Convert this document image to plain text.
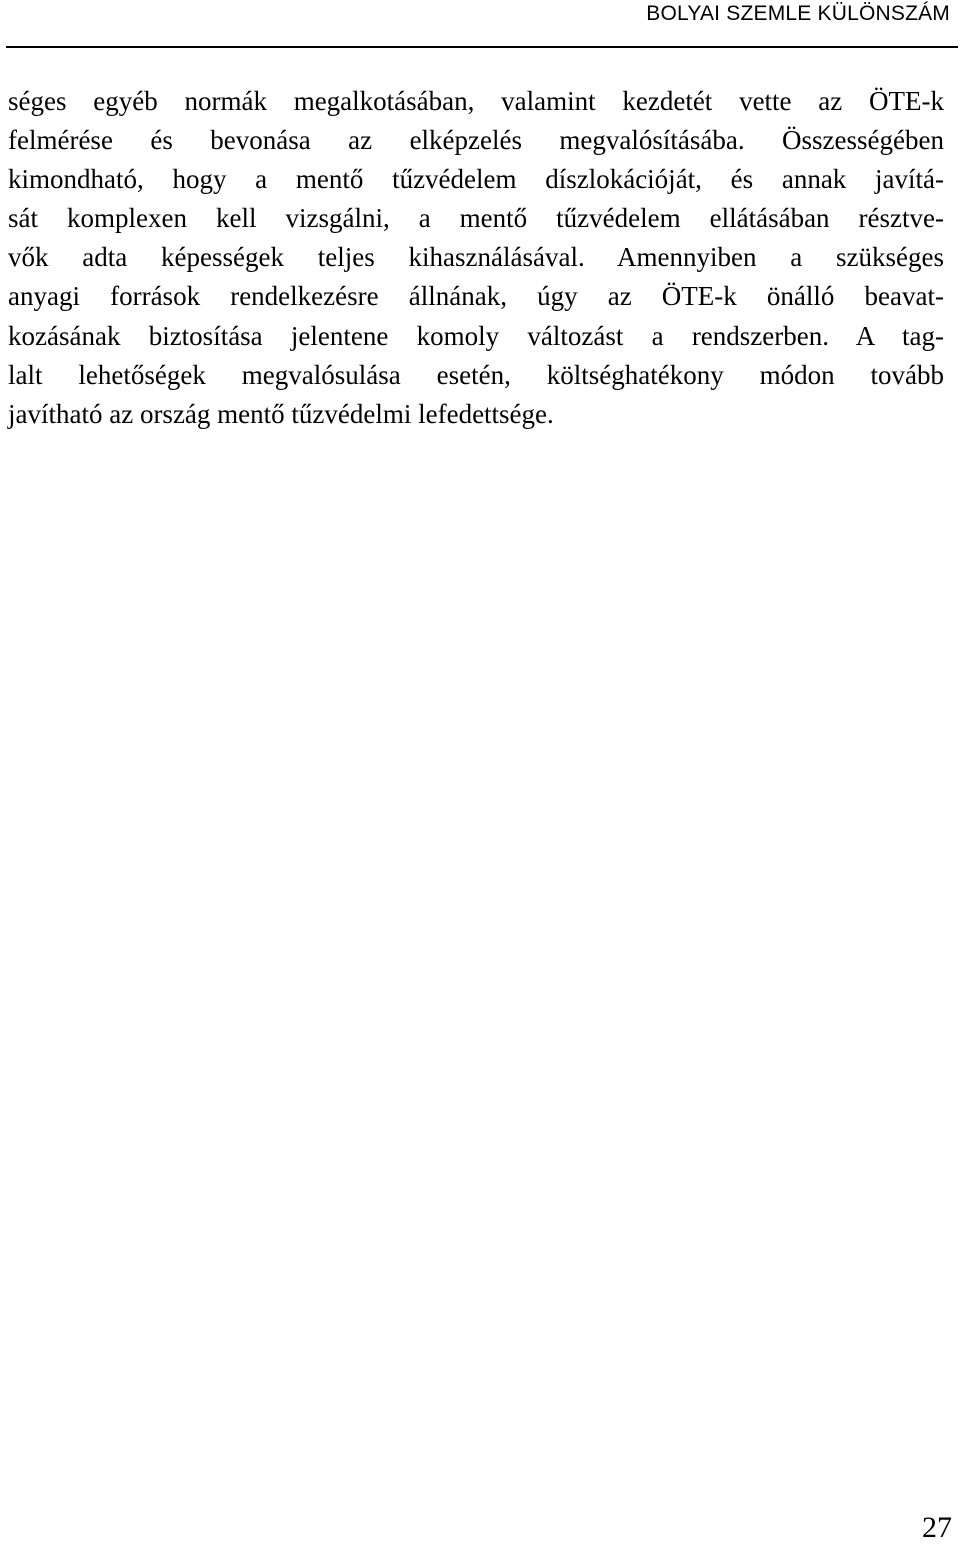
BOLYAI SZEMLE KÜLÖNSZÁM
séges egyéb normák megalkotásában, valamint kezdetét vette az ÖTE-k
felmérése és bevonása az elképzelés megvalósításába. Összességében
kimondható, hogy a mentő tűzvédelem díszlokációját, és annak javítá-
sát komplexen kell vizsgálni, a mentő tűzvédelem ellátásában résztve-
vők adta képességek teljes kihasználásával. Amennyiben a szükséges
anyagi források rendelkezésre állnának, úgy az ÖTE-k önálló beavat-
kozásának biztosítása jelentene komoly változást a rendszerben. A tag-
lalt lehetőségek megvalósulása esetén, költséghatékony módon tovább
javítható az ország mentő tűzvédelmi lefedettsége.
27
